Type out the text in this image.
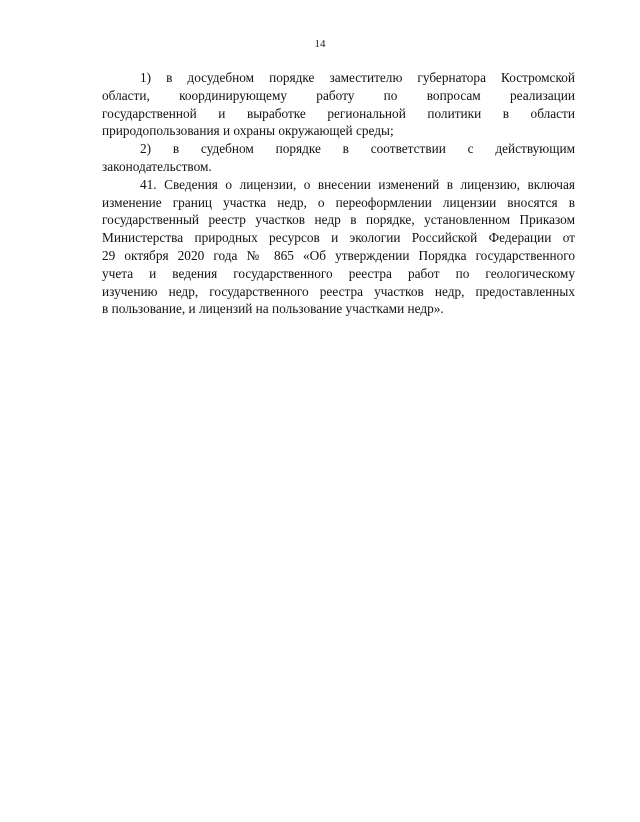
14
1) в досудебном порядке заместителю губернатора Костромской
области, координирующему работу по вопросам реализации
государственной и выработке региональной политики в области
природопользования и охраны окружающей среды;
2) в судебном порядке в соответствии с действующим
законодательством.
41. Сведения о лицензии, о внесении изменений в лицензию, включая
изменение границ участка недр, о переоформлении лицензии вносятся в
государственный реестр участков недр в порядке, установленном Приказом
Министерства природных ресурсов и экологии Российской Федерации от
29 октября 2020 года № 865 «Об утверждении Порядка государственного
учета и ведения государственного реестра работ по геологическому
изучению недр, государственного реестра участков недр, предоставленных
в пользование, и лицензий на пользование участками недр».
